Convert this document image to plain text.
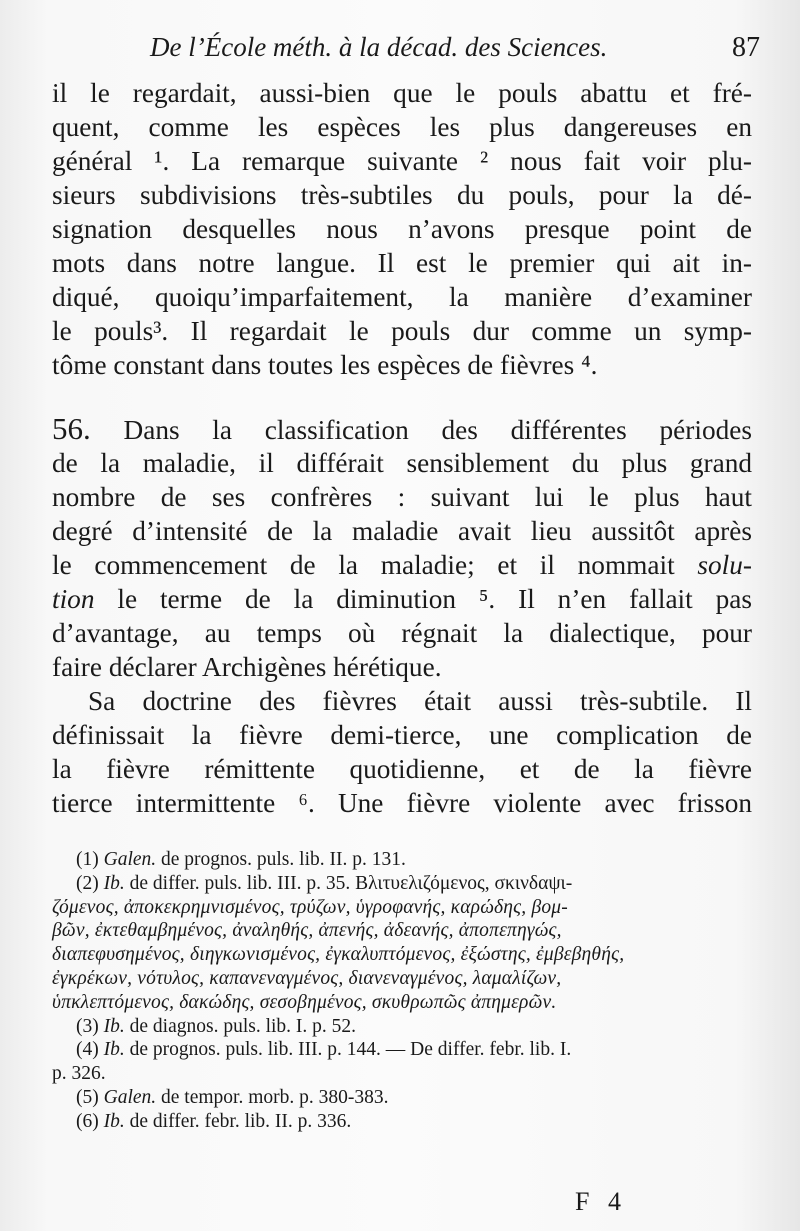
De l’École méth. à la décad. des Sciences.	87
il le regardait, aussi-bien que le pouls abattu et fré-
quent, comme les espèces les plus dangereuses en
général ¹. La remarque suivante ² nous fait voir plu-
sieurs subdivisions très-subtiles du pouls, pour la dé-
signation desquelles nous n’avons presque point de
mots dans notre langue. Il est le premier qui ait in-
diqué, quoiqu’imparfaitement, la manière d’examiner
le pouls³. Il regardait le pouls dur comme un symp-
tôme constant dans toutes les espèces de fièvres ⁴.
56. Dans la classification des différentes périodes
de la maladie, il différait sensiblement du plus grand
nombre de ses confrères : suivant lui le plus haut
degré d’intensité de la maladie avait lieu aussitôt après
le commencement de la maladie; et il nommait solu-
tion le terme de la diminution ⁵. Il n’en fallait pas
d’avantage, au temps où régnait la dialectique, pour
faire déclarer Archigènes hérétique.
Sa doctrine des fièvres était aussi très-subtile. Il
définissait la fièvre demi-tierce, une complication de
la fièvre rémittente quotidienne, et de la fièvre
tierce intermittente ⁶. Une fièvre violente avec frisson
(1) Galen. de prognos. puls. lib. II. p. 131.
(2) Ib. de differ. puls. lib. III. p. 35. Βλιτυελιζόμενος, σκινδαψι-
ζόμενος, ἀποκεκρημνισμένος, τρύζων, ὑγροφανής, καρώδης, βομ-
βῶν, ἐκτεθαμβημένος, ἀναληθής, ἀπενής, ἀδεανής, ἀποπεπηγώς,
διαπεφυσημένος, διηγκωνισμένος, ἐγκαλυπτόμενος, ἐξώστης, ἐμβεβηθής,
ἐγκρέκων, νότυλος, καπανεναγμένος, διανεναγμένος, λαμαλίζων,
ὑπκλεπτόμενος, δακώδης, σεσοβημένος, σκυθρωπῶς ἀπημερῶν.
(3) Ib. de diagnos. puls. lib. I. p. 52.
(4) Ib. de prognos. puls. lib. III. p. 144. — De differ. febr. lib. I.
p. 326.
(5) Galen. de tempor. morb. p. 380-383.
(6) Ib. de differ. febr. lib. II. p. 336.
F 4
